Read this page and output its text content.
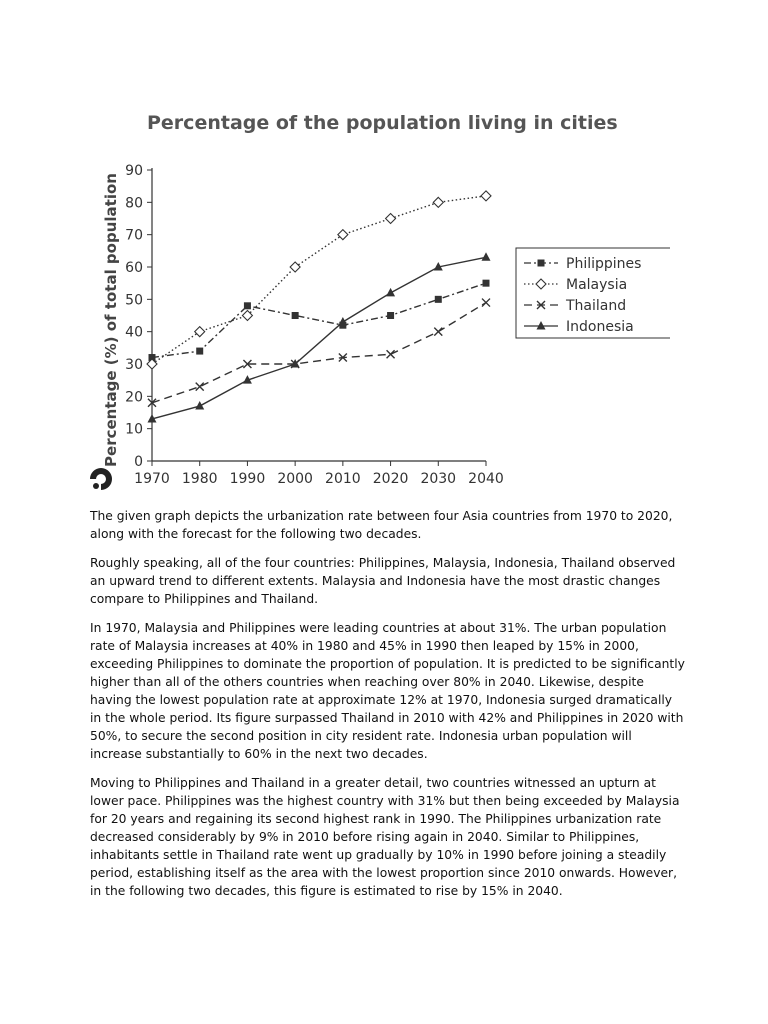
Percentage of the population living in cities
Percentage (%) of total population 0
10
20
30
40
50
60
70
80
90
1970 1980 1990 2000 2010 2020 2030 2040
Philippines
Malaysia
Thailand
Indonesia

The given graph depicts the urbanization rate between four Asia countries from 1970 to 2020, along with the forecast for the following two decades.

Roughly speaking, all of the four countries: Philippines, Malaysia, Indonesia, Thailand observed an upward trend to different extents. Malaysia and Indonesia have the most drastic changes compare to Philippines and Thailand.

In 1970, Malaysia and Philippines were leading countries at about 31%. The urban population rate of Malaysia increases at 40% in 1980 and 45% in 1990 then leaped by 15% in 2000, exceeding Philippines to dominate the proportion of population. It is predicted to be significantly higher than all of the others countries when reaching over 80% in 2040. Likewise, despite having the lowest population rate at approximate 12% at 1970, Indonesia surged dramatically in the whole period. Its figure surpassed Thailand in 2010 with 42% and Philippines in 2020 with 50%, to secure the second position in city resident rate. Indonesia urban population will increase substantially to 60% in the next two decades.

Moving to Philippines and Thailand in a greater detail, two countries witnessed an upturn at lower pace. Philippines was the highest country with 31% but then being exceeded by Malaysia for 20 years and regaining its second highest rank in 1990. The Philippines urbanization rate decreased considerably by 9% in 2010 before rising again in 2040. Similar to Philippines, inhabitants settle in Thailand rate went up gradually by 10% in 1990 before joining a steadily period, establishing itself as the area with the lowest proportion since 2010 onwards. However, in the following two decades, this figure is estimated to rise by 15% in 2040.
